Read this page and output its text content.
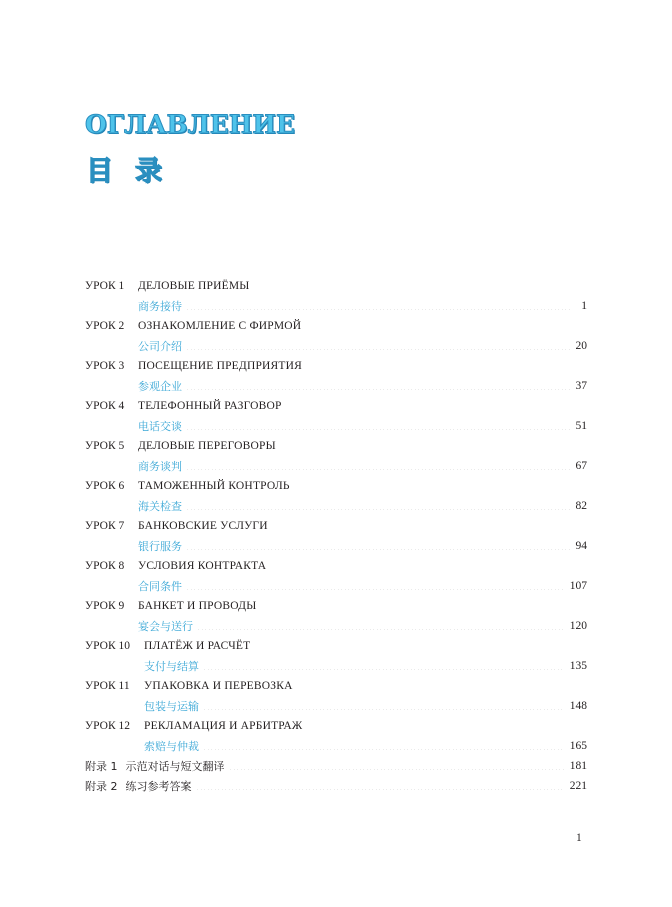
ОГЛАВЛЕНИЕ
目录
УРОК 1	ДЕЛОВЫЕ ПРИЁМЫ
商务接待	1
УРОК 2	ОЗНАКОМЛЕНИЕ С ФИРМОЙ
公司介绍	20
УРОК 3	ПОСЕЩЕНИЕ ПРЕДПРИЯТИЯ
参观企业	37
УРОК 4	ТЕЛЕФОННЫЙ РАЗГОВОР
电话交谈	51
УРОК 5	ДЕЛОВЫЕ ПЕРЕГОВОРЫ
商务谈判	67
УРОК 6	ТАМОЖЕННЫЙ КОНТРОЛЬ
海关检查	82
УРОК 7	БАНКОВСКИЕ УСЛУГИ
银行服务	94
УРОК 8	УСЛОВИЯ КОНТРАКТА
合同条件	107
УРОК 9	БАНКЕТ И ПРОВОДЫ
宴会与送行	120
УРОК 10	ПЛАТЁЖ И РАСЧЁТ
支付与结算	135
УРОК 11	УПАКОВКА И ПЕРЕВОЗКА
包装与运输	148
УРОК 12	РЕКЛАМАЦИЯ И АРБИТРАЖ
索赔与仲裁	165
附录 1 示范对话与短文翻译	181
附录 2 练习参考答案	221
1
